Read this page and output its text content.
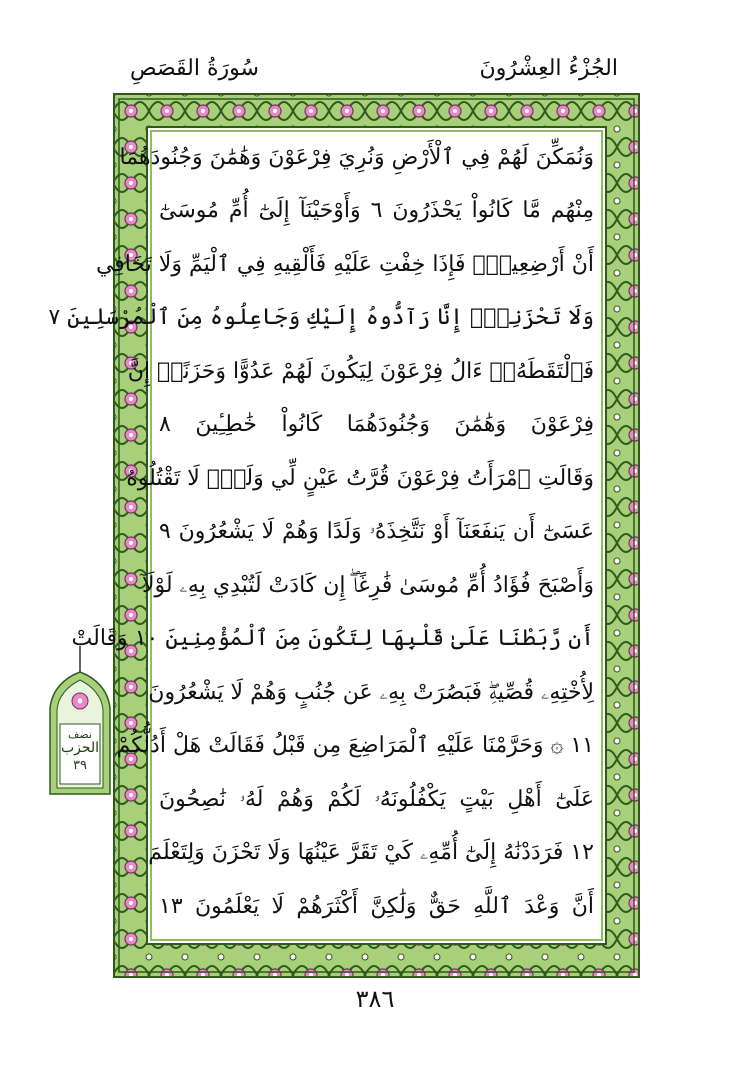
الجُزْءُ العِشْرُونَ
سُورَةُ القَصَصِ
وَنُمَكِّنَ لَهُمْ فِي ٱلْأَرْضِ وَنُرِيَ فِرْعَوْنَ وَهَٰمَٰنَ وَجُنُودَهُمَا
مِنْهُم مَّا كَانُواْ يَحْذَرُونَ ٦ وَأَوْحَيْنَآ إِلَىٰٓ أُمِّ مُوسَىٰٓ
أَنْ أَرْضِعِيهِۖ فَإِذَا خِفْتِ عَلَيْهِ فَأَلْقِيهِ فِي ٱلْيَمِّ وَلَا تَخَافِي
وَلَا تَحْزَنِيٓۖ إِنَّا رَآدُّوهُ إِلَيْكِ وَجَاعِلُوهُ مِنَ ٱلْمُرْسَلِينَ ٧
فَٱلْتَقَطَهُۥٓ ءَالُ فِرْعَوْنَ لِيَكُونَ لَهُمْ عَدُوًّا وَحَزَنًاۗ إِنَّ
فِرْعَوْنَ وَهَٰمَٰنَ وَجُنُودَهُمَا كَانُواْ خَٰطِـِٔينَ ٨
وَقَالَتِ ٱمْرَأَتُ فِرْعَوْنَ قُرَّتُ عَيْنٍ لِّي وَلَكَۖ لَا تَقْتُلُوهُ
عَسَىٰٓ أَن يَنفَعَنَآ أَوْ نَتَّخِذَهُۥ وَلَدًا وَهُمْ لَا يَشْعُرُونَ ٩
وَأَصْبَحَ فُؤَادُ أُمِّ مُوسَىٰ فَٰرِغًاۖ إِن كَادَتْ لَتُبْدِي بِهِۦ لَوْلَآ
أَن رَّبَطْنَا عَلَىٰ قَلْبِهَا لِتَكُونَ مِنَ ٱلْمُؤْمِنِينَ ١٠ وَقَالَتْ
لِأُخْتِهِۦ قُصِّيهِۖ فَبَصُرَتْ بِهِۦ عَن جُنُبٍ وَهُمْ لَا يَشْعُرُونَ
١١ ۞ وَحَرَّمْنَا عَلَيْهِ ٱلْمَرَاضِعَ مِن قَبْلُ فَقَالَتْ هَلْ أَدُلُّكُمْ
عَلَىٰٓ أَهْلِ بَيْتٍ يَكْفُلُونَهُۥ لَكُمْ وَهُمْ لَهُۥ نَٰصِحُونَ
١٢ فَرَدَدْنَٰهُ إِلَىٰٓ أُمِّهِۦ كَيْ تَقَرَّ عَيْنُهَا وَلَا تَحْزَنَ وَلِتَعْلَمَ
أَنَّ وَعْدَ ٱللَّهِ حَقٌّ وَلَٰكِنَّ أَكْثَرَهُمْ لَا يَعْلَمُونَ ١٣
نصف
الحزب
٣٩
٣٨٦
